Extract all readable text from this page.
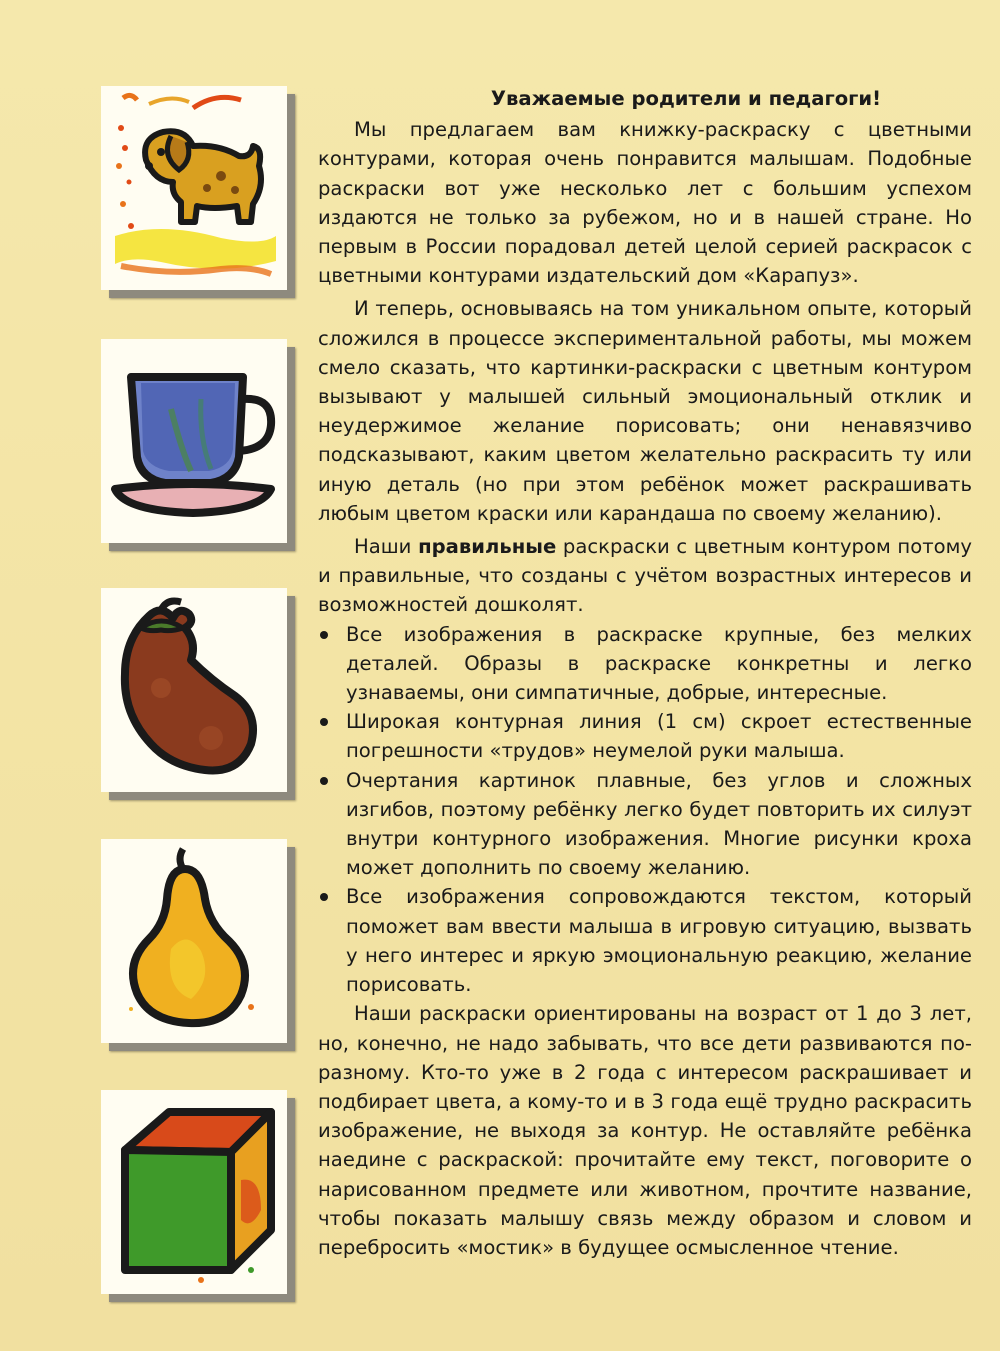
Уважаемые родители и педагоги!

Мы предлагаем вам книжку-раскраску с цветными контурами, которая очень понравится малышам. Подобные раскраски вот уже несколько лет с большим успехом издаются не только за рубежом, но и в нашей стране. Но первым в России порадовал детей целой серией раскрасок с цветными контурами издательский дом «Карапуз».

И теперь, основываясь на том уникальном опыте, который сложился в процессе экспериментальной работы, мы можем смело сказать, что картинки-раскраски с цветным контуром вызывают у малышей сильный эмоциональный отклик и неудержимое желание порисовать; они ненавязчиво подсказывают, каким цветом желательно раскрасить ту или иную деталь (но при этом ребёнок может раскрашивать любым цветом краски или карандаша по своему желанию).

Наши правильные раскраски с цветным контуром потому и правильные, что созданы с учётом возрастных интересов и возможностей дошколят.

Все изображения в раскраске крупные, без мелких деталей. Образы в раскраске конкретны и легко узнаваемы, они симпатичные, добрые, интересные.
Широкая контурная линия (1 см) скроет естественные погрешности «трудов» неумелой руки малыша.
Очертания картинок плавные, без углов и сложных изгибов, поэтому ребёнку легко будет повторить их силуэт внутри контурного изображения. Многие рисунки кроха может дополнить по своему желанию.
Все изображения сопровождаются текстом, который поможет вам ввести малыша в игровую ситуацию, вызвать у него интерес и яркую эмоциональную реакцию, желание порисовать.

Наши раскраски ориентированы на возраст от 1 до 3 лет, но, конечно, не надо забывать, что все дети развиваются по-разному. Кто-то уже в 2 года с интересом раскрашивает и подбирает цвета, а кому-то и в 3 года ещё трудно раскрасить изображение, не выходя за контур. Не оставляйте ребёнка наедине с раскраской: прочитайте ему текст, поговорите о нарисованном предмете или животном, прочтите название, чтобы показать малышу связь между образом и словом и перебросить «мостик» в будущее осмысленное чтение.
